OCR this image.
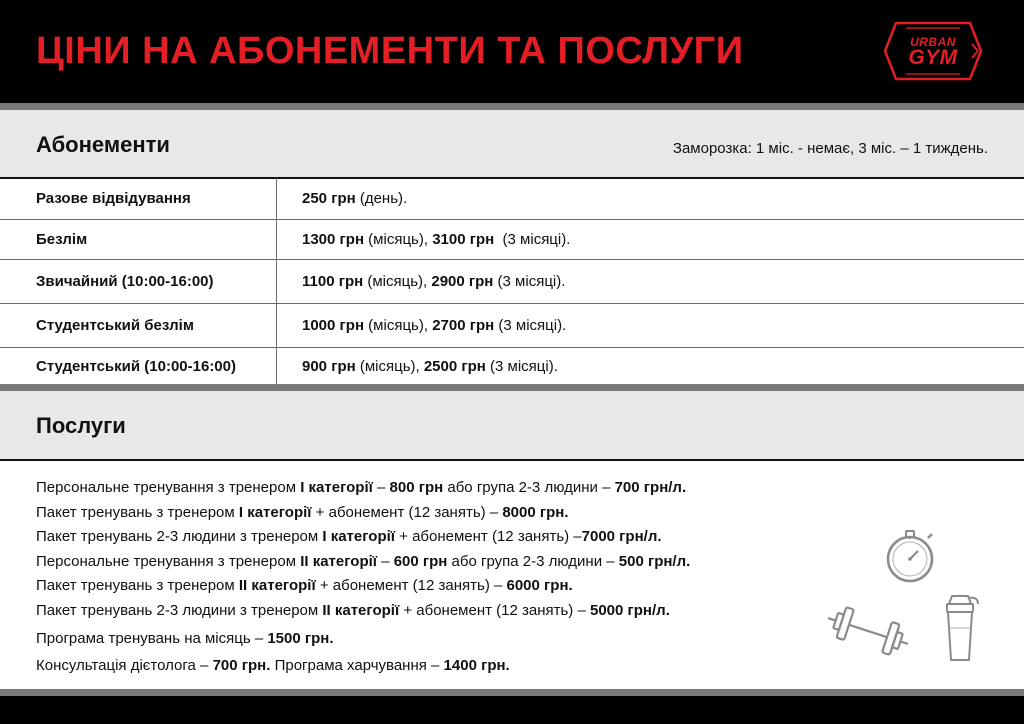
ЦІНИ НА АБОНЕМЕНТИ ТА ПОСЛУГИ	URBAN
GYM
Абонементи	Заморозка: 1 міс. - немає, 3 міс. – 1 тиждень.
Разове відвідування	250 грн (день).
Безлім	1300 грн (місяць), 3100 грн (3 місяці).
Звичайний (10:00-16:00)	1100 грн (місяць), 2900 грн (3 місяці).
Студентський безлім	1000 грн (місяць), 2700 грн (3 місяці).
Студентський (10:00-16:00)	900 грн (місяць), 2500 грн (3 місяці).
Послуги
Персональне тренування з тренером I категорії – 800 грн або група 2-3 людини – 700 грн/л.
Пакет тренувань з тренером I категорії + абонемент (12 занять) – 8000 грн.
Пакет тренувань 2-3 людини з тренером I категорії + абонемент (12 занять) –7000 грн/л.
Персональне тренування з тренером II категорії – 600 грн або група 2-3 людини – 500 грн/л.
Пакет тренувань з тренером II категорії + абонемент (12 занять) – 6000 грн.
Пакет тренувань 2-3 людини з тренером II категорії + абонемент (12 занять) – 5000 грн/л.
Програма тренувань на місяць – 1500 грн.
Консультація дієтолога – 700 грн. Програма харчування – 1400 грн.
